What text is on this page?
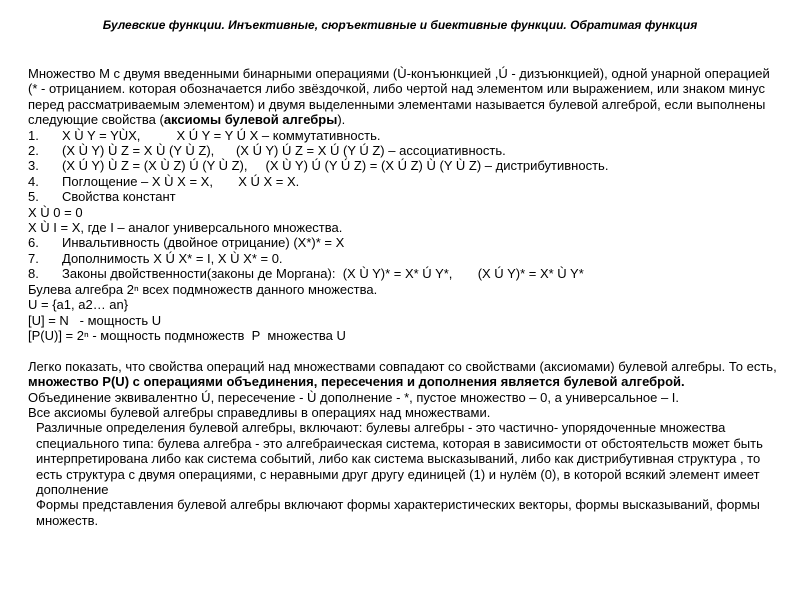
Булевские функции. Инъективные, сюръективные и биективные функции. Обратимая функция

Множество М с двумя введенными бинарными операциями (Ù-конъюнкцией ,Ú - дизъюнкцией), одной унарной операцией (* - отрицанием. которая обозначается либо звёздочкой, либо чертой над элементом или выражением, или знаком минус перед рассматриваемым элементом) и двумя выделенными элементами называется булевой алгеброй, если выполнены следующие свойства (аксиомы булевой алгебры).

1.	X Ù Y = YÙX,          X Ú Y = Y Ú X – коммутативность.
2.	(X Ù Y) Ù Z = X Ù (Y Ù Z),      (X Ú Y) Ú Z = X Ú (Y Ú Z) – ассоциативность.
3.	(X Ú Y) Ù Z = (X Ù Z) Ú (Y Ù Z),     (X Ù Y) Ú (Y Ú Z) = (X Ú Z) Ù (Y Ù Z) – дистрибутивность.
4.	Поглощение – X Ù X = X,       X Ú X = X.
5.	Свойства констант

X Ù 0 = 0

X Ù I = X, где I – аналог универсального множества.

6.	Инвальтивность (двойное отрицание) (X*)* = X
7.	Дополнимость X Ú X* = I, X Ù X* = 0.
8.	Законы двойственности(законы де Моргана):  (X Ù Y)* = X* Ú Y*,       (X Ú Y)* = X* Ù Y*

Булева алгебра 2ⁿ всех подмножеств данного множества.

U = {a1, a2… an}

[U] = N   - мощность U

[P(U)] = 2ⁿ - мощность подмножеств  P  множества U

Легко показать, что свойства операций над множествами совпадают со свойствами (аксиомами) булевой алгебры. То есть, множество P(U) с операциями объединения, пересечения и дополнения является булевой алгеброй.

Объединение эквивалентно Ú, пересечение - Ù дополнение - *, пустое множество – 0, а универсальное – I.

Все аксиомы булевой алгебры справедливы в операциях над множествами.

Различные определения булевой алгебры, включают: булевы алгебры - это частично- упорядоченные множества специального типа: булева алгебра - это алгебраическая система, которая в зависимости от обстоятельств может быть интерпретирована либо как система событий, либо как система высказываний, либо как дистрибутивная структура , то есть структура с двумя операциями, с неравными друг другу единицей (1) и нулём (0), в которой всякий элемент имеет дополнение

Формы представления булевой алгебры включают формы характеристических векторы, формы высказываний, формы множеств.
